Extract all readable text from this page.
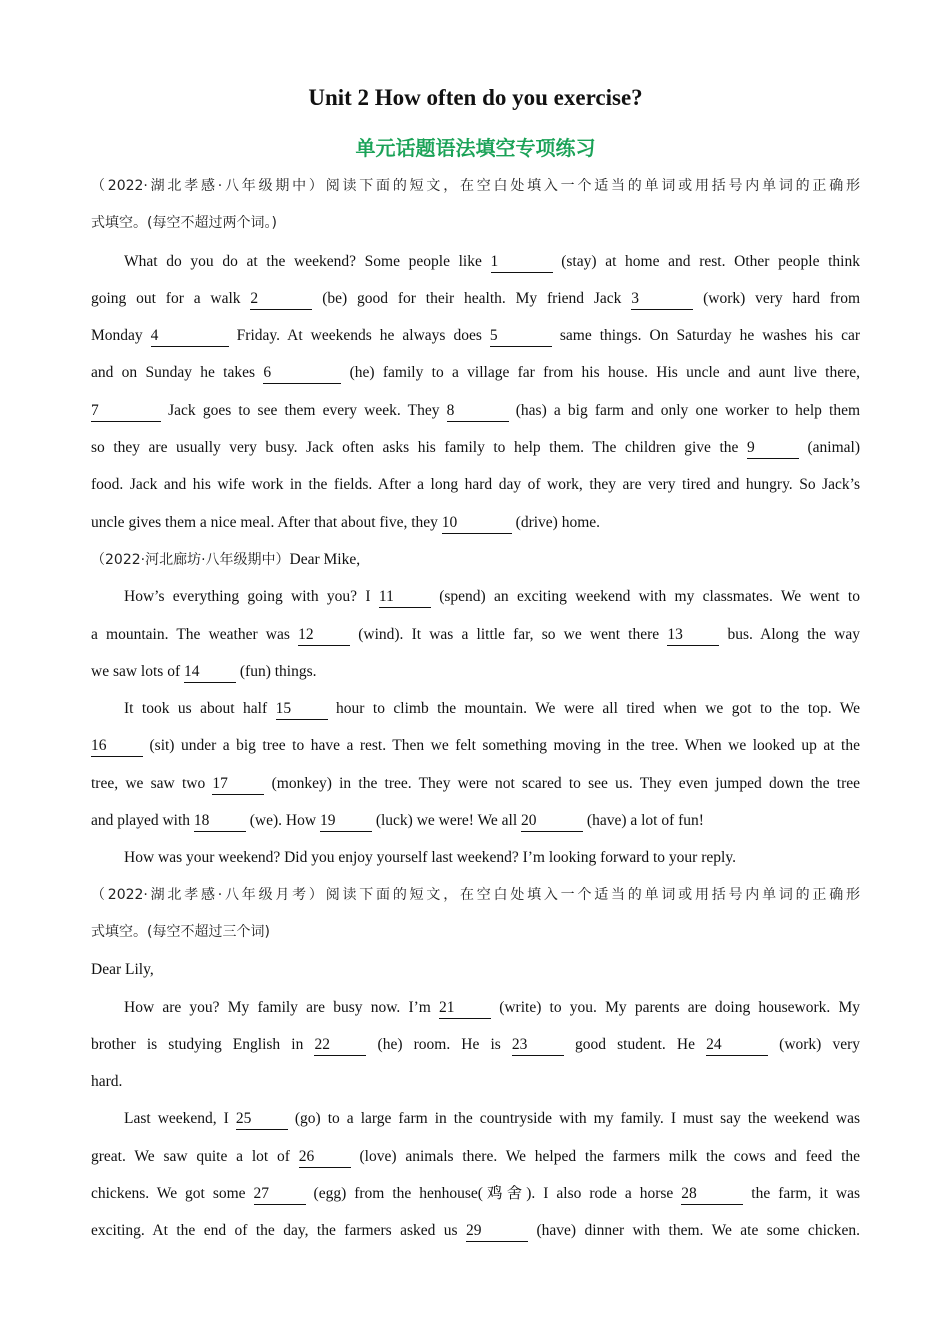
Unit 2 How often do you exercise?
单元话题语法填空专项练习
（2022·湖北孝感·八年级期中）阅读下面的短文，在空白处填入一个适当的单词或用括号内单词的正确形
式填空。(每空不超过两个词。)
What do you do at the weekend? Some people like 1	(stay) at home and rest. Other people think
going out for a walk 2	(be) good for their health. My friend Jack 3	(work) very hard from
Monday 4	Friday. At weekends he always does 5	same things. On Saturday he washes his car
and on Sunday he takes 6	(he) family to a village far from his house. His uncle and aunt live there,
7	Jack goes to see them every week. They 8	(has) a big farm and only one worker to help them
so they are usually very busy. Jack often asks his family to help them. The children give the 9	(animal)
food. Jack and his wife work in the fields. After a long hard day of work, they are very tired and hungry. So Jack’s
uncle gives them a nice meal. After that about five, they 10	(drive) home.
（2022·河北廊坊·八年级期中）Dear Mike,
How’s everything going with you? I 11 (spend) an exciting weekend with my classmates. We went to
a mountain. The weather was 12 (wind). It was a little far, so we went there 13 bus. Along the way
we saw lots of 14 (fun) things.
It took us about half 15 hour to climb the mountain. We were all tired when we got to the top. We
16 (sit) under a big tree to have a rest. Then we felt something moving in the tree. When we looked up at the
tree, we saw two 17 (monkey) in the tree. They were not scared to see us. They even jumped down the tree
and played with 18 (we). How 19 (luck) we were! We all 20	(have) a lot of fun!
How was your weekend? Did you enjoy yourself last weekend? I’m looking forward to your reply.
（2022·湖北孝感·八年级月考）阅读下面的短文，在空白处填入一个适当的单词或用括号内单词的正确形
式填空。(每空不超过三个词)
Dear Lily,
How are you? My family are busy now. I’m 21 (write) to you. My parents are doing housework. My
brother is studying English in 22 (he) room. He is 23 good student. He 24	(work) very
hard.
Last weekend, I 25 (go) to a large farm in the countryside with my family. I must say the weekend was
great. We saw quite a lot of 26 (love) animals there. We helped the farmers milk the cows and feed the
chickens. We got some 27 (egg) from the henhouse(鸡舍). I also rode a horse 28	the farm, it was
exciting. At the end of the day, the farmers asked us 29	(have) dinner with them. We ate some chicken.
